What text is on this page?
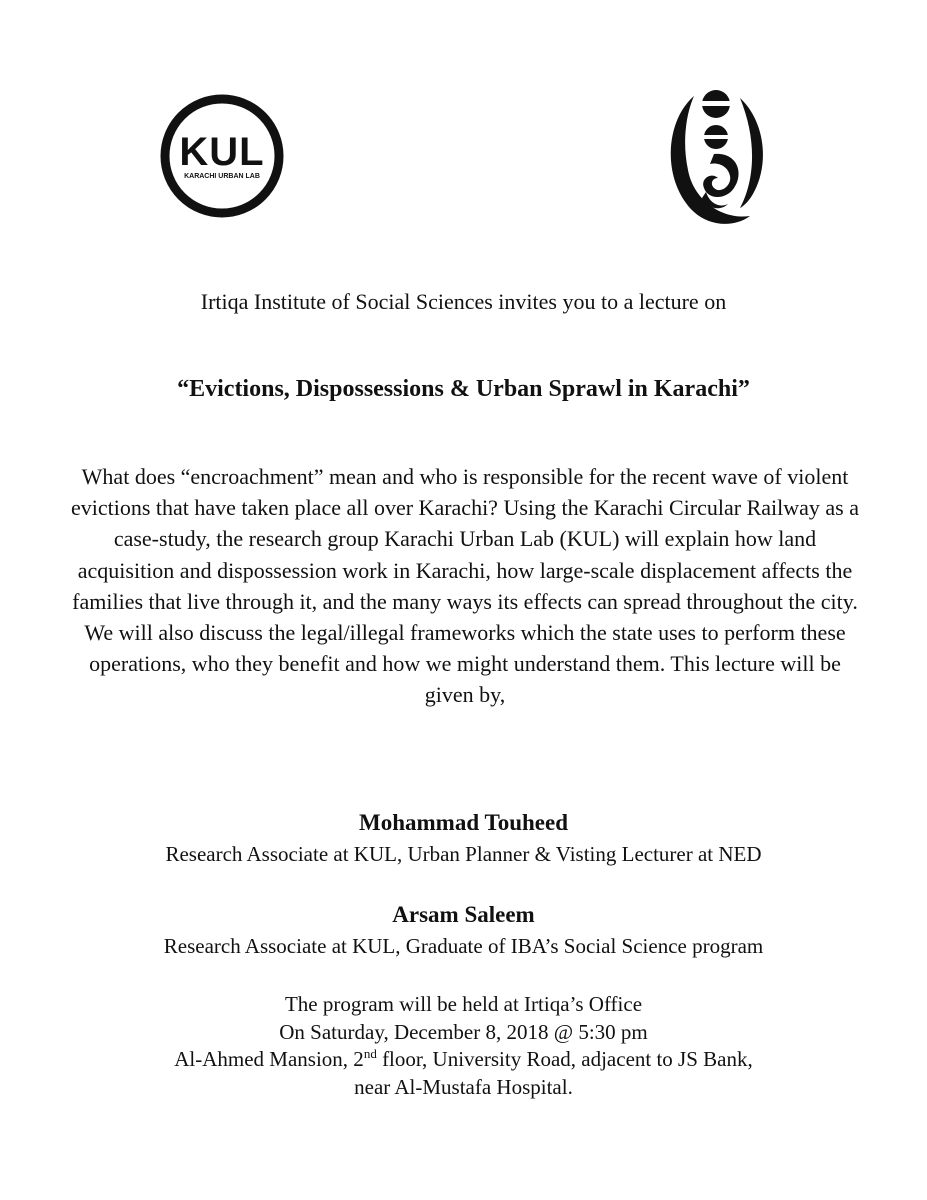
KUL
KARACHI URBAN LAB
Irtiqa Institute of Social Sciences invites you to a lecture on
“Evictions, Dispossessions & Urban Sprawl in Karachi”
What does “encroachment” mean and who is responsible for the recent wave of violent evictions that have taken place all over Karachi? Using the Karachi Circular Railway as a case-study, the research group Karachi Urban Lab (KUL) will explain how land acquisition and dispossession work in Karachi, how large-scale displacement affects the families that live through it, and the many ways its effects can spread throughout the city. We will also discuss the legal/illegal frameworks which the state uses to perform these operations, who they benefit and how we might understand them. This lecture will be given by,
Mohammad Touheed
Research Associate at KUL, Urban Planner & Visting Lecturer at NED
Arsam Saleem
Research Associate at KUL, Graduate of IBA’s Social Science program
The program will be held at Irtiqa’s Office
On Saturday, December 8, 2018 @ 5:30 pm
Al-Ahmed Mansion, 2nd floor, University Road, adjacent to JS Bank,
near Al-Mustafa Hospital.
